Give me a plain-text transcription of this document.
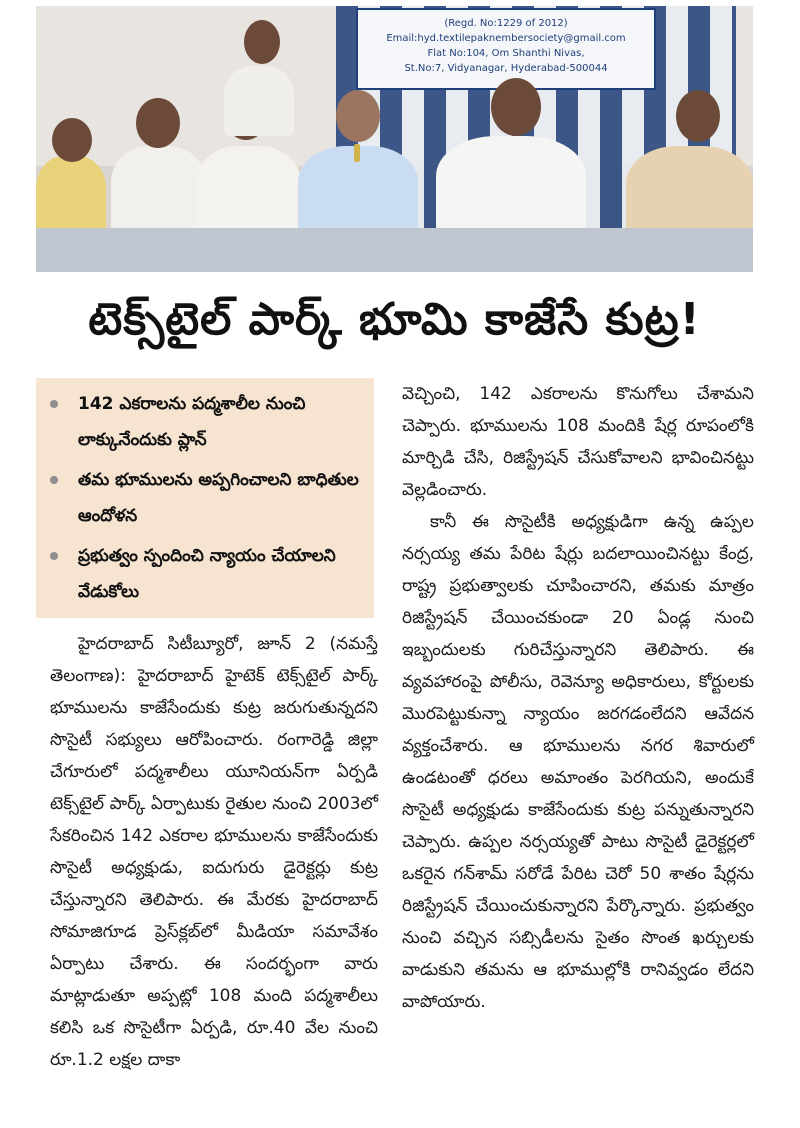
(Regd. No:1229 of 2012)
Email:hyd.textilepaknembersociety@gmail.com
Flat No:104, Om Shanthi Nivas,
St.No:7, Vidyanagar, Hyderabad-500044
టెక్స్‌టైల్ పార్క్ భూమి కాజేసే కుట్ర!
142 ఎకరాలను పద్మశాలీల నుంచి లాక్కునేందుకు ప్లాన్
తమ భూములను అప్పగించాలని బాధితుల ఆందోళన
ప్రభుత్వం స్పందించి న్యాయం చేయాలని వేడుకోలు

హైదరాబాద్ సిటీబ్యూరో, జూన్ 2 (నమస్తే తెలంగాణ): హైదరాబాద్ హైటెక్ టెక్స్‌టైల్ పార్క్ భూములను కాజేసేందుకు కుట్ర జరుగుతున్నదని సొసైటీ సభ్యులు ఆరోపించారు. రంగారెడ్డి జిల్లా చేగూరులో పద్మశాలీలు యూనియన్‌గా ఏర్పడి టెక్స్‌టైల్ పార్క్ ఏర్పాటుకు రైతుల నుంచి 2003లో సేకరించిన 142 ఎకరాల భూములను కాజేసేందుకు సొసైటీ అధ్యక్షుడు, ఐదుగురు డైరెక్టర్లు కుట్ర చేస్తున్నారని తెలిపారు. ఈ మేరకు హైదరాబాద్ సోమాజిగూడ ప్రెస్‌క్లబ్‌లో మీడియా సమావేశం ఏర్పాటు చేశారు. ఈ సందర్భంగా వారు మాట్లాడుతూ అప్పట్లో 108 మంది పద్మశాలీలు కలిసి ఒక సొసైటీగా ఏర్పడి, రూ.40 వేల నుంచి రూ.1.2 లక్షల దాకా

వెచ్చించి, 142 ఎకరాలను కొనుగోలు చేశామని చెప్పారు. భూములను 108 మందికి షేర్ల రూపంలోకి మార్చిడి చేసి, రిజిస్ట్రేషన్ చేసుకోవాలని భావించినట్టు వెల్లడించారు.

కానీ ఈ సొసైటీకి అధ్యక్షుడిగా ఉన్న ఉప్పల నర్సయ్య తమ పేరిట షేర్లు బదలాయించినట్టు కేంద్ర, రాష్ట్ర ప్రభుత్వాలకు చూపించారని, తమకు మాత్రం రిజిస్ట్రేషన్ చేయించకుండా 20 ఏండ్ల నుంచి ఇబ్బందులకు గురిచేస్తున్నారని తెలిపారు. ఈ వ్యవహారంపై పోలీసు, రెవెన్యూ అధికారులు, కోర్టులకు మొరపెట్టుకున్నా న్యాయం జరగడంలేదని ఆవేదన వ్యక్తంచేశారు. ఆ భూములను నగర శివారులో ఉండటంతో ధరలు అమాంతం పెరగియని, అందుకే సొసైటీ అధ్యక్షుడు కాజేసేందుకు కుట్ర పన్నుతున్నారని చెప్పారు. ఉప్పల నర్సయ్యతో పాటు సొసైటీ డైరెక్టర్లలో ఒకరైన గన్‌శామ్ సరోడే పేరిట చెరో 50 శాతం షేర్లను రిజిస్ట్రేషన్ చేయించుకున్నారని పేర్కొన్నారు. ప్రభుత్వం నుంచి వచ్చిన సబ్సిడీలను సైతం సొంత ఖర్చులకు వాడుకుని తమను ఆ భూముల్లోకి రానివ్వడం లేదని వాపోయారు.
